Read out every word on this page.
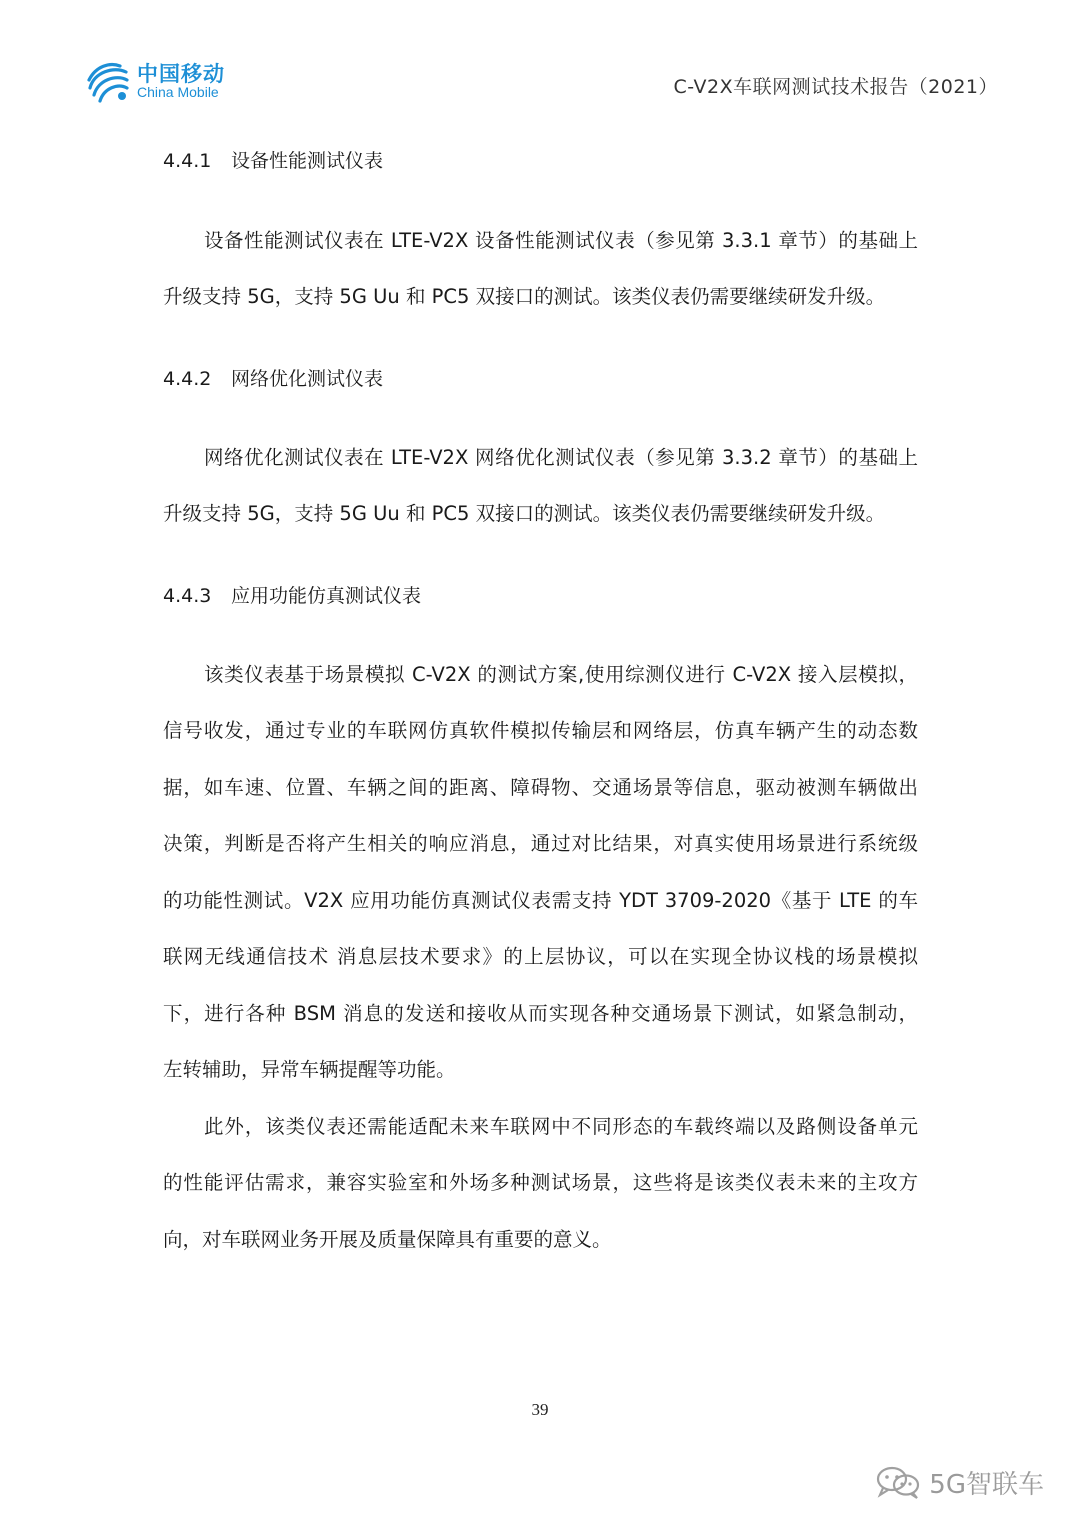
中国移动
China Mobile	C-V2X车联网测试技术报告（2021）
4.4.1 设备性能测试仪表
设备性能测试仪表在 LTE-V2X 设备性能测试仪表（参见第 3.3.1 章节）的基础上
升级支持 5G，支持 5G Uu 和 PC5 双接口的测试。该类仪表仍需要继续研发升级。
4.4.2 网络优化测试仪表
网络优化测试仪表在 LTE-V2X 网络优化测试仪表（参见第 3.3.2 章节）的基础上
升级支持 5G，支持 5G Uu 和 PC5 双接口的测试。该类仪表仍需要继续研发升级。
4.4.3 应用功能仿真测试仪表
该类仪表基于场景模拟 C-V2X 的测试方案,使用综测仪进行 C-V2X 接入层模拟，
信号收发，通过专业的车联网仿真软件模拟传输层和网络层，仿真车辆产生的动态数
据，如车速、位置、车辆之间的距离、障碍物、交通场景等信息，驱动被测车辆做出
决策，判断是否将产生相关的响应消息，通过对比结果，对真实使用场景进行系统级
的功能性测试。V2X 应用功能仿真测试仪表需支持 YDT 3709-2020《基于 LTE 的车
联网无线通信技术 消息层技术要求》的上层协议，可以在实现全协议栈的场景模拟
下，进行各种 BSM 消息的发送和接收从而实现各种交通场景下测试，如紧急制动，
左转辅助，异常车辆提醒等功能。
此外，该类仪表还需能适配未来车联网中不同形态的车载终端以及路侧设备单元
的性能评估需求，兼容实验室和外场多种测试场景，这些将是该类仪表未来的主攻方
向，对车联网业务开展及质量保障具有重要的意义。
39
5G智联车
